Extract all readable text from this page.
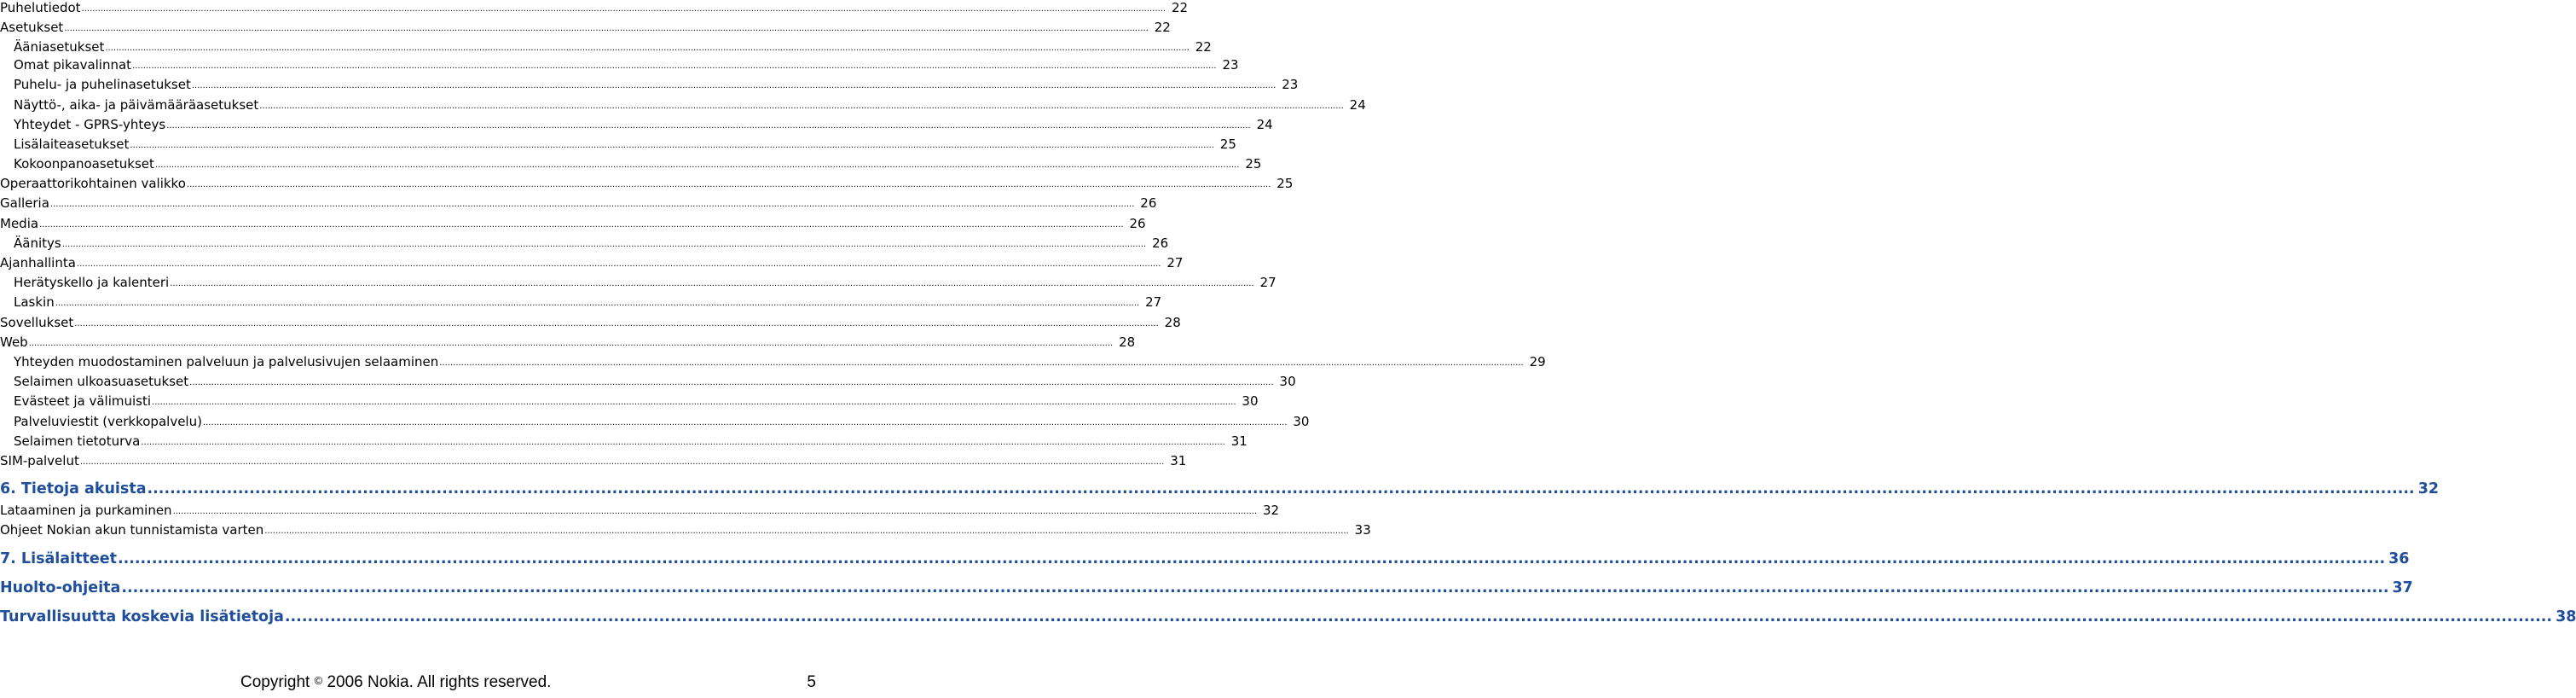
Puhelutiedot ................................................................................................................................................................................................................................................................................................................................................................................................................ 22
Asetukset ................................................................................................................................................................................................................................................................................................................................................................................................................ 22
Ääniasetukset ................................................................................................................................................................................................................................................................................................................................................................................................................ 22
Omat pikavalinnat ................................................................................................................................................................................................................................................................................................................................................................................................................ 23
Puhelu- ja puhelinasetukset ................................................................................................................................................................................................................................................................................................................................................................................................................ 23
Näyttö-, aika- ja päivämääräasetukset ................................................................................................................................................................................................................................................................................................................................................................................................................ 24
Yhteydet - GPRS-yhteys ................................................................................................................................................................................................................................................................................................................................................................................................................ 24
Lisälaiteasetukset ................................................................................................................................................................................................................................................................................................................................................................................................................ 25
Kokoonpanoasetukset ................................................................................................................................................................................................................................................................................................................................................................................................................ 25
Operaattorikohtainen valikko ................................................................................................................................................................................................................................................................................................................................................................................................................ 25
Galleria ................................................................................................................................................................................................................................................................................................................................................................................................................ 26
Media ................................................................................................................................................................................................................................................................................................................................................................................................................ 26
Äänitys ................................................................................................................................................................................................................................................................................................................................................................................................................ 26
Ajanhallinta ................................................................................................................................................................................................................................................................................................................................................................................................................ 27
Herätyskello ja kalenteri ................................................................................................................................................................................................................................................................................................................................................................................................................ 27
Laskin ................................................................................................................................................................................................................................................................................................................................................................................................................ 27
Sovellukset ................................................................................................................................................................................................................................................................................................................................................................................................................ 28
Web ................................................................................................................................................................................................................................................................................................................................................................................................................ 28
Yhteyden muodostaminen palveluun ja palvelusivujen selaaminen ................................................................................................................................................................................................................................................................................................................................................................................................................ 29
Selaimen ulkoasuasetukset ................................................................................................................................................................................................................................................................................................................................................................................................................ 30
Evästeet ja välimuisti ................................................................................................................................................................................................................................................................................................................................................................................................................ 30
Palveluviestit (verkkopalvelu) ................................................................................................................................................................................................................................................................................................................................................................................................................ 30
Selaimen tietoturva ................................................................................................................................................................................................................................................................................................................................................................................................................ 31
SIM-palvelut ................................................................................................................................................................................................................................................................................................................................................................................................................ 31
6. Tietoja akuista ................................................................................................................................................................................................................................................................................................................................................................................................................ 32
Lataaminen ja purkaminen ................................................................................................................................................................................................................................................................................................................................................................................................................ 32
Ohjeet Nokian akun tunnistamista varten ................................................................................................................................................................................................................................................................................................................................................................................................................ 33
7. Lisälaitteet ................................................................................................................................................................................................................................................................................................................................................................................................................ 36
Huolto-ohjeita ................................................................................................................................................................................................................................................................................................................................................................................................................ 37
Turvallisuutta koskevia lisätietoja ................................................................................................................................................................................................................................................................................................................................................................................................................ 38
Copyright © 2006 Nokia. All rights reserved.	5
